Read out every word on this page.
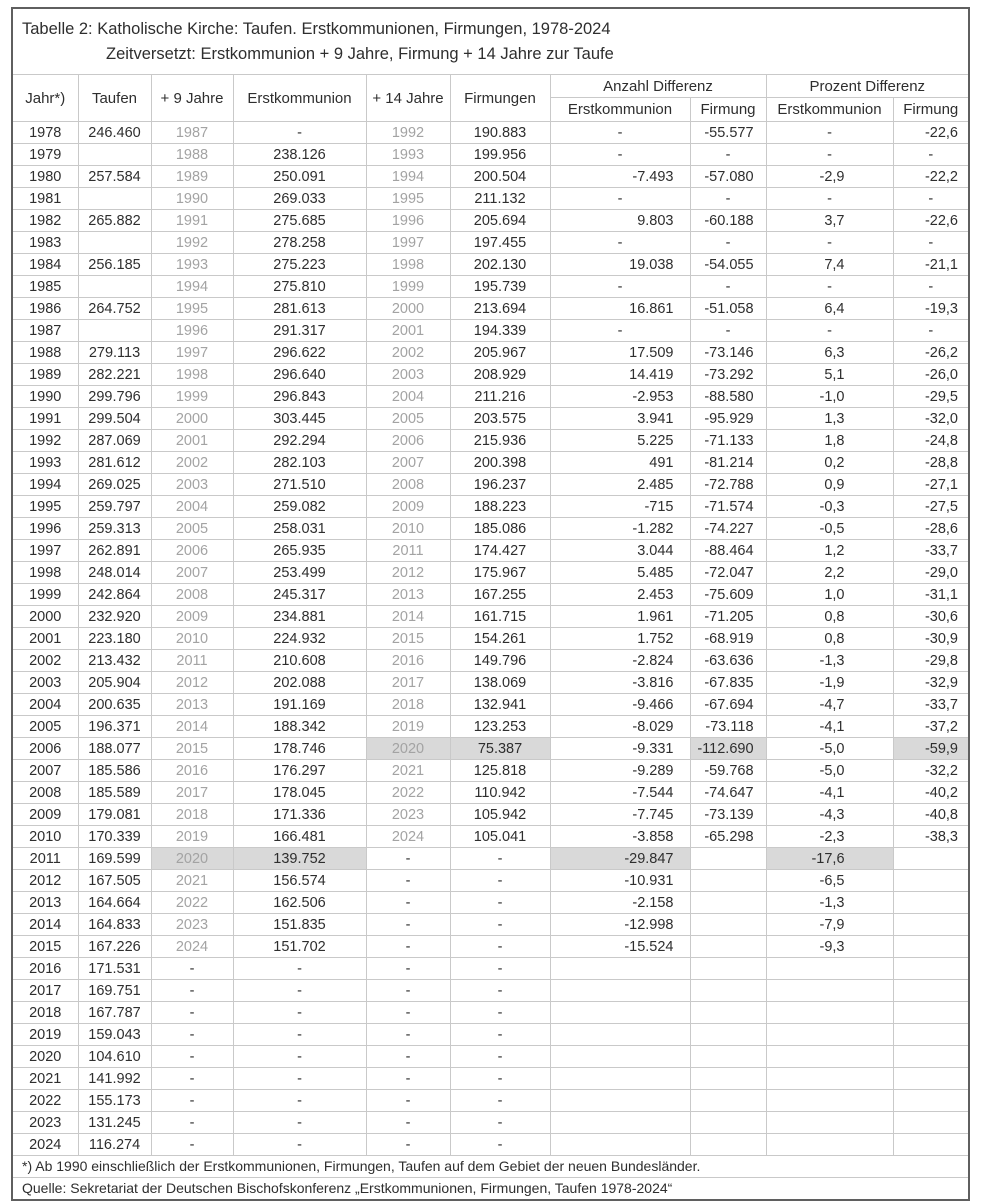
Tabelle 2: Katholische Kirche: Taufen. Erstkommunionen, Firmungen, 1978-2024
Zeitversetzt: Erstkommunion + 9 Jahre, Firmung + 14 Jahre zur Taufe
Jahr*)	Taufen	+ 9 Jahre	Erstkommunion	+ 14 Jahre	Firmungen	Anzahl Differenz		Prozent Differenz	
						Erstkommunion	Firmung	Erstkommunion	Firmung
1978	246.460	1987	-	1992	190.883	-	-55.577	-	-22,6
1979		1988	238.126	1993	199.956	-	-	-	-
1980	257.584	1989	250.091	1994	200.504	-7.493	-57.080	-2,9	-22,2
1981		1990	269.033	1995	211.132	-	-	-	-
1982	265.882	1991	275.685	1996	205.694	9.803	-60.188	3,7	-22,6
1983		1992	278.258	1997	197.455	-	-	-	-
1984	256.185	1993	275.223	1998	202.130	19.038	-54.055	7,4	-21,1
1985		1994	275.810	1999	195.739	-	-	-	-
1986	264.752	1995	281.613	2000	213.694	16.861	-51.058	6,4	-19,3
1987		1996	291.317	2001	194.339	-	-	-	-
1988	279.113	1997	296.622	2002	205.967	17.509	-73.146	6,3	-26,2
1989	282.221	1998	296.640	2003	208.929	14.419	-73.292	5,1	-26,0
1990	299.796	1999	296.843	2004	211.216	-2.953	-88.580	-1,0	-29,5
1991	299.504	2000	303.445	2005	203.575	3.941	-95.929	1,3	-32,0
1992	287.069	2001	292.294	2006	215.936	5.225	-71.133	1,8	-24,8
1993	281.612	2002	282.103	2007	200.398	491	-81.214	0,2	-28,8
1994	269.025	2003	271.510	2008	196.237	2.485	-72.788	0,9	-27,1
1995	259.797	2004	259.082	2009	188.223	-715	-71.574	-0,3	-27,5
1996	259.313	2005	258.031	2010	185.086	-1.282	-74.227	-0,5	-28,6
1997	262.891	2006	265.935	2011	174.427	3.044	-88.464	1,2	-33,7
1998	248.014	2007	253.499	2012	175.967	5.485	-72.047	2,2	-29,0
1999	242.864	2008	245.317	2013	167.255	2.453	-75.609	1,0	-31,1
2000	232.920	2009	234.881	2014	161.715	1.961	-71.205	0,8	-30,6
2001	223.180	2010	224.932	2015	154.261	1.752	-68.919	0,8	-30,9
2002	213.432	2011	210.608	2016	149.796	-2.824	-63.636	-1,3	-29,8
2003	205.904	2012	202.088	2017	138.069	-3.816	-67.835	-1,9	-32,9
2004	200.635	2013	191.169	2018	132.941	-9.466	-67.694	-4,7	-33,7
2005	196.371	2014	188.342	2019	123.253	-8.029	-73.118	-4,1	-37,2
2006	188.077	2015	178.746	2020	75.387	-9.331	-112.690	-5,0	-59,9
2007	185.586	2016	176.297	2021	125.818	-9.289	-59.768	-5,0	-32,2
2008	185.589	2017	178.045	2022	110.942	-7.544	-74.647	-4,1	-40,2
2009	179.081	2018	171.336	2023	105.942	-7.745	-73.139	-4,3	-40,8
2010	170.339	2019	166.481	2024	105.041	-3.858	-65.298	-2,3	-38,3
2011	169.599	2020	139.752	-	-	-29.847		-17,6	
2012	167.505	2021	156.574	-	-	-10.931		-6,5	
2013	164.664	2022	162.506	-	-	-2.158		-1,3	
2014	164.833	2023	151.835	-	-	-12.998		-7,9	
2015	167.226	2024	151.702	-	-	-15.524		-9,3	
2016	171.531	-	-	-	-				
2017	169.751	-	-	-	-				
2018	167.787	-	-	-	-				
2019	159.043	-	-	-	-				
2020	104.610	-	-	-	-				
2021	141.992	-	-	-	-				
2022	155.173	-	-	-	-				
2023	131.245	-	-	-	-				
2024	116.274	-	-	-	-				
*) Ab 1990 einschließlich der Erstkommunionen, Firmungen, Taufen auf dem Gebiet der neuen Bundesländer.
Quelle: Sekretariat der Deutschen Bischofskonferenz „Erstkommunionen, Firmungen, Taufen 1978-2024“
